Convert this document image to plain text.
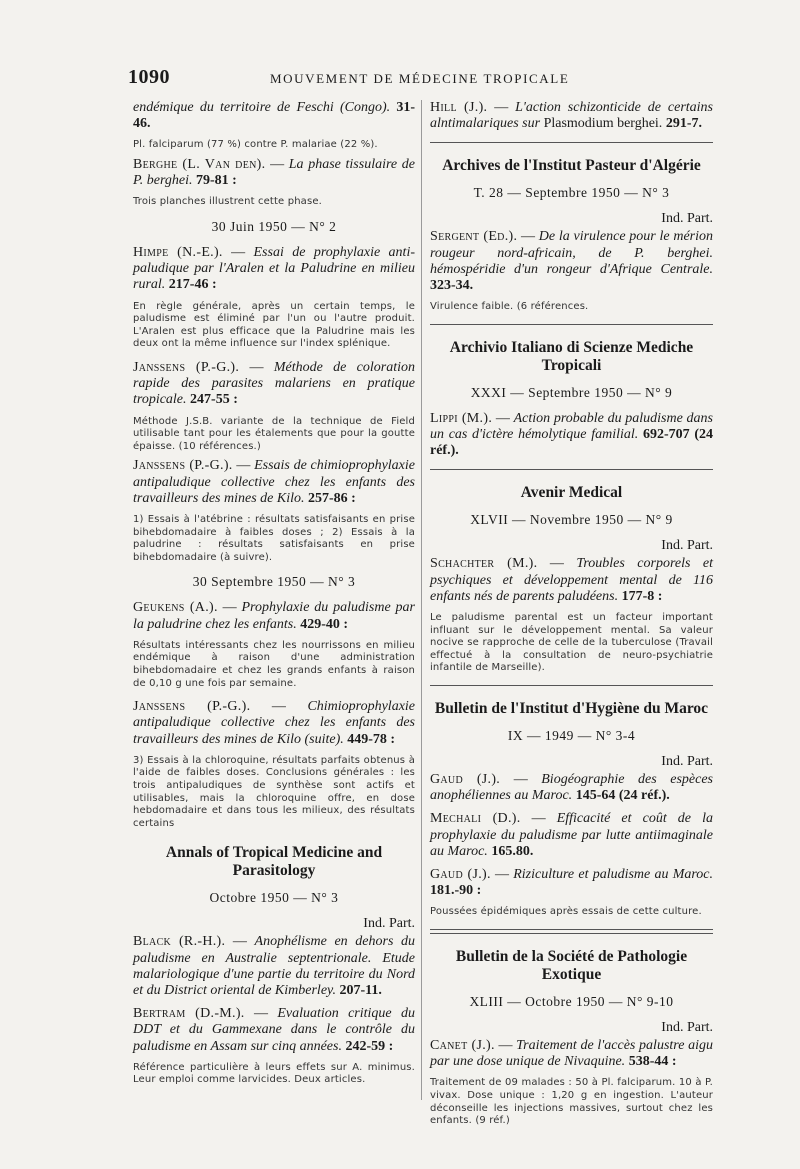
1090	MOUVEMENT DE MÉDECINE TROPICALE

endémique du territoire de Feschi (Congo). 31-46.

Pl. falciparum (77 %) contre P. malariae (22 %).

Berghe (L. Van den). — La phase tissulaire de P. berghei. 79-81 :

Trois planches illustrent cette phase.

30 Juin 1950 — N° 2

Himpe (N.-E.). — Essai de prophylaxie anti-paludique par l'Aralen et la Paludrine en milieu rural. 217-46 :

En règle générale, après un certain temps, le paludisme est éliminé par l'un ou l'autre produit. L'Aralen est plus efficace que la Paludrine mais les deux ont la même influence sur l'index splénique.

Janssens (P.-G.). — Méthode de coloration rapide des parasites malariens en pratique tropicale. 247-55 :

Méthode J.S.B. variante de la technique de Field utilisable tant pour les étalements que pour la goutte épaisse. (10 références.)

Janssens (P.-G.). — Essais de chimioprophylaxie antipaludique collective chez les enfants des travailleurs des mines de Kilo. 257-86 :

1) Essais à l'atébrine : résultats satisfaisants en prise bihebdomadaire à faibles doses ; 2) Essais à la paludrine : résultats satisfaisants en prise bihebdomadaire (à suivre).

30 Septembre 1950 — N° 3

Geukens (A.). — Prophylaxie du paludisme par la paludrine chez les enfants. 429-40 :

Résultats intéressants chez les nourrissons en milieu endémique à raison d'une administration bihebdomadaire et chez les grands enfants à raison de 0,10 g une fois par semaine.

Janssens (P.-G.). — Chimioprophylaxie antipaludique collective chez les enfants des travailleurs des mines de Kilo (suite). 449-78 :

3) Essais à la chloroquine, résultats parfaits obtenus à l'aide de faibles doses. Conclusions générales : les trois antipaludiques de synthèse sont actifs et utilisables, mais la chloroquine offre, en dose hebdomadaire et dans tous les milieux, des résultats certains

Annals of Tropical Medicine and Parasitology
Octobre 1950 — N° 3
Ind. Part.

Black (R.-H.). — Anophélisme en dehors du paludisme en Australie septentrionale. Etude malariologique d'une partie du territoire du Nord et du District oriental de Kimberley. 207-11.

Bertram (D.-M.). — Evaluation critique du DDT et du Gammexane dans le contrôle du paludisme en Assam sur cinq années. 242-59 :

Référence particulière à leurs effets sur A. minimus. Leur emploi comme larvicides. Deux articles.

Hill (J.). — L'action schizonticide de certains alntimalariques sur Plasmodium berghei. 291-7.

Archives de l'Institut Pasteur d'Algérie
T. 28 — Septembre 1950 — N° 3
Ind. Part.

Sergent (Ed.). — De la virulence pour le mérion rougeur nord-africain, de P. berghei. hémospéridie d'un rongeur d'Afrique Centrale. 323-34.

Virulence faible. (6 références.

Archivio Italiano di Scienze Mediche Tropicali
XXXI — Septembre 1950 — N° 9

Lippi (M.). — Action probable du paludisme dans un cas d'ictère hémolytique familial. 692-707 (24 réf.).

Avenir Medical
XLVII — Novembre 1950 — N° 9
Ind. Part.

Schachter (M.). — Troubles corporels et psychiques et développement mental de 116 enfants nés de parents paludéens. 177-8 :

Le paludisme parental est un facteur important influant sur le développement mental. Sa valeur nocive se rapproche de celle de la tuberculose (Travail effectué à la consultation de neuro-psychiatrie infantile de Marseille).

Bulletin de l'Institut d'Hygiène du Maroc
IX — 1949 — N° 3-4
Ind. Part.

Gaud (J.). — Biogéographie des espèces anophéliennes au Maroc. 145-64 (24 réf.).

Mechali (D.). — Efficacité et coût de la prophylaxie du paludisme par lutte antiimaginale au Maroc. 165.80.

Gaud (J.). — Riziculture et paludisme au Maroc. 181.-90 :

Poussées épidémiques après essais de cette culture.

Bulletin de la Société de Pathologie Exotique
XLIII — Octobre 1950 — N° 9-10
Ind. Part.

Canet (J.). — Traitement de l'accès palustre aigu par une dose unique de Nivaquine. 538-44 :

Traitement de 09 malades : 50 à Pl. falciparum. 10 à P. vivax. Dose unique : 1,20 g en ingestion. L'auteur déconseille les injections massives, surtout chez les enfants. (9 réf.)
